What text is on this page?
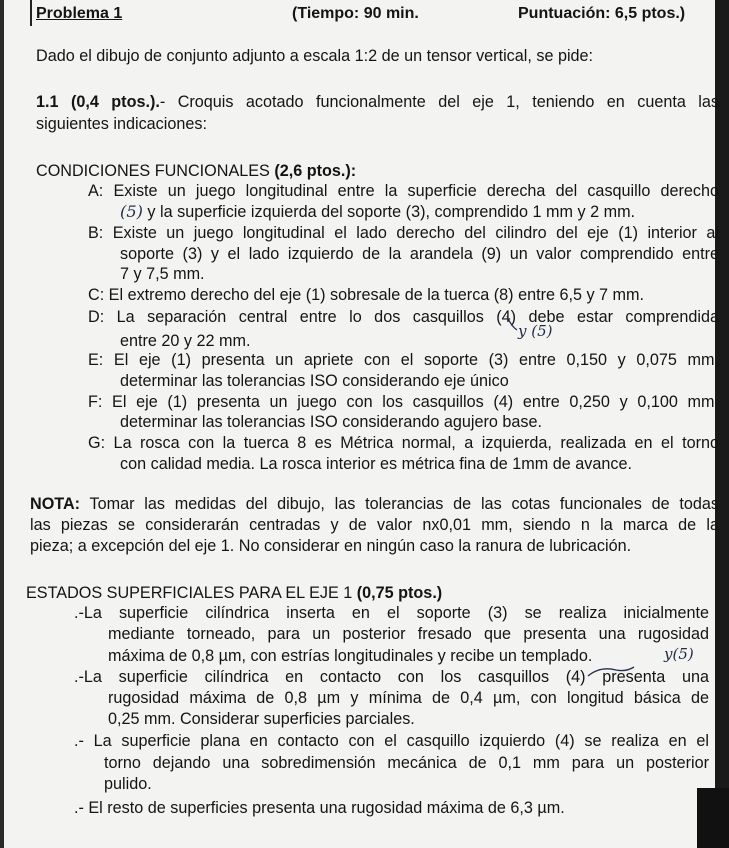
Problema 1	(Tiempo: 90 min.	Puntuación: 6,5 ptos.)
Dado el dibujo de conjunto adjunto a escala 1:2 de un tensor vertical, se pide:
1.1 (0,4 ptos.).- Croquis acotado funcionalmente del eje 1, teniendo en cuenta las
siguientes indicaciones:
CONDICIONES FUNCIONALES (2,6 ptos.):
A: Existe un juego longitudinal entre la superficie derecha del casquillo derecho
(5) y la superficie izquierda del soporte (3), comprendido 1 mm y 2 mm.
B: Existe un juego longitudinal el lado derecho del cilindro del eje (1) interior al
soporte (3) y el lado izquierdo de la arandela (9) un valor comprendido entre
7 y 7,5 mm.
C: El extremo derecho del eje (1) sobresale de la tuerca (8) entre 6,5 y 7 mm.
D: La separación central entre lo dos casquillos (4) debe estar comprendida
entre 20 y 22 mm.
y (5)
E: El eje (1) presenta un apriete con el soporte (3) entre 0,150 y 0,075 mm,
determinar las tolerancias ISO considerando eje único
F: El eje (1) presenta un juego con los casquillos (4) entre 0,250 y 0,100 mm,
determinar las tolerancias ISO considerando agujero base.
G: La rosca con la tuerca 8 es Métrica normal, a izquierda, realizada en el torno
con calidad media. La rosca interior es métrica fina de 1mm de avance.
NOTA: Tomar las medidas del dibujo, las tolerancias de las cotas funcionales de todas
las piezas se considerarán centradas y de valor nx0,01 mm, siendo n la marca de la
pieza; a excepción del eje 1. No considerar en ningún caso la ranura de lubricación.
ESTADOS SUPERFICIALES PARA EL EJE 1 (0,75 ptos.)
.-La superficie cilíndrica inserta en el soporte (3) se realiza inicialmente
mediante torneado, para un posterior fresado que presenta una rugosidad
máxima de 0,8 µm, con estrías longitudinales y recibe un templado.	y(5)
.-La superficie cilíndrica en contacto con los casquillos (4) presenta una
rugosidad máxima de 0,8 µm y mínima de 0,4 µm, con longitud básica de
0,25 mm. Considerar superficies parciales.
.- La superficie plana en contacto con el casquillo izquierdo (4) se realiza en el
torno dejando una sobredimensión mecánica de 0,1 mm para un posterior
pulido.
.- El resto de superficies presenta una rugosidad máxima de 6,3 µm.
